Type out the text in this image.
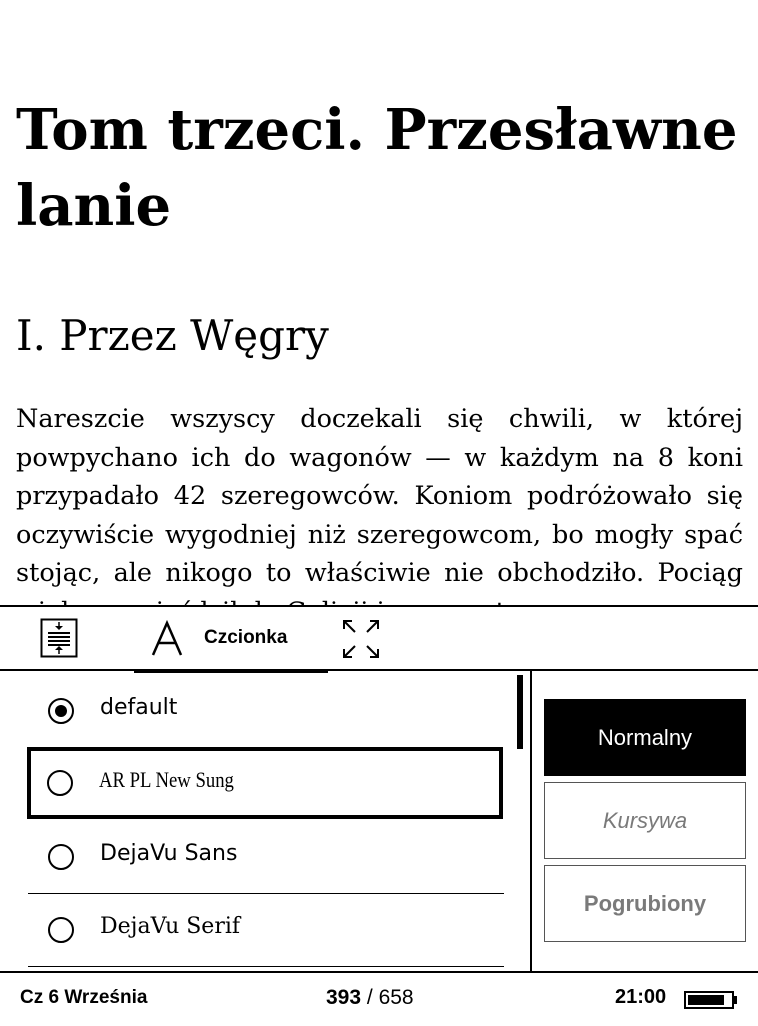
Tom trzeci. Przesławne lanie
I. Przez Węgry

Nareszcie wszyscy doczekali się chwili, w której powpychano ich do wagonów — w każdym na 8 koni przypadało 42 szeregowców. Koniom podróżowało się oczywiście wygodniej niż szeregowcom, bo mogły spać stojąc, ale nikogo to właściwie nie obchodziło. Pociąg

Czcionka
default
AR PL New Sung
DejaVu Sans
DejaVu Serif
Normalny
Kursywa
Pogrubiony
Cz 6 Września	393 / 658	21:00
